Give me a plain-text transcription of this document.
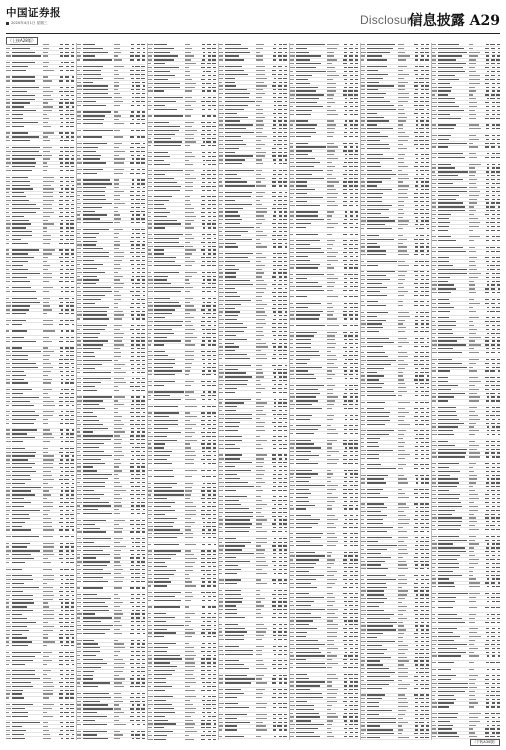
中国证券报
2020年4月1日 星期三	Disclosure
信息披露 A29
（上接A28版）
（下转A30版）
